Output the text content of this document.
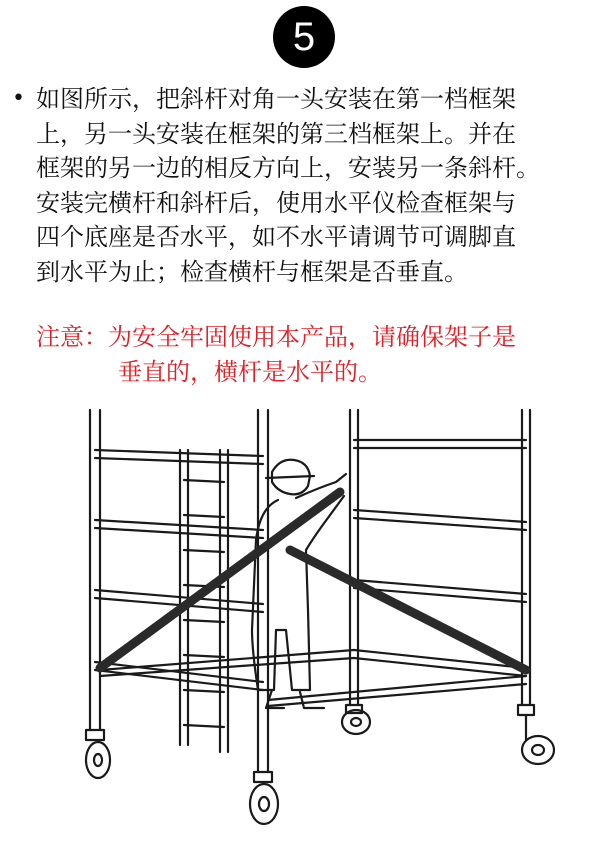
5
• 如图所示，把斜杆对角一头安装在第一档框架
上，另一头安装在框架的第三档框架上。并在
框架的另一边的相反方向上，安装另一条斜杆。
安装完横杆和斜杆后，使用水平仪检查框架与
四个底座是否水平，如不水平请调节可调脚直
到水平为止；检查横杆与框架是否垂直。

注意：为安全牢固使用本产品，请确保架子是
垂直的，横杆是水平的。
